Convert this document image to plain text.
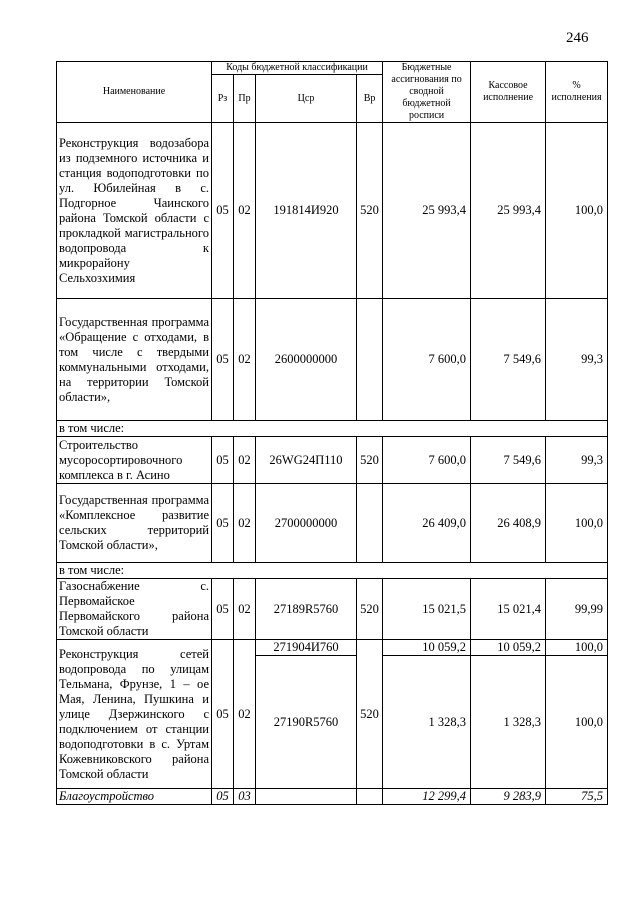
246
Наименование	Коды бюджетной классификации				Бюджетные ассигнования по сводной бюджетной росписи	Кассовое исполнение	% исполнения
	Рз	Пр	Цср	Вр			
Реконструкция водозабора из подземного источника и станция водоподготовки по ул. Юбилейная в с. Подгорное Чаинского района Томской области с прокладкой магистрального водопровода к микрорайону Сельхозхимия	05	02	191814И920	520	25 993,4	25 993,4	100,0
Государственная программа «Обращение с отходами, в том числе с твердыми коммунальными отходами, на территории Томской области»,	05	02	2600000000		7 600,0	7 549,6	99,3
в том числе:							
Строительство мусоросортировочного комплекса в г. Асино	05	02	26WG24П110	520	7 600,0	7 549,6	99,3
Государственная программа «Комплексное развитие сельских территорий Томской области»,	05	02	2700000000		26 409,0	26 408,9	100,0
в том числе:							
Газоснабжение с. Первомайское Первомайского района Томской области	05	02	27189R5760	520	15 021,5	15 021,4	99,99
Реконструкция сетей водопровода по улицам Тельмана, Фрунзе, 1 – ое Мая, Ленина, Пушкина и улице Дзержинского с подключением от станции водоподготовки в с. Уртам Кожевниковского района Томской области	05	02	271904И760	520	10 059,2	10 059,2	100,0
			27190R5760		1 328,3	1 328,3	100,0
Благоустройство	05	03			12 299,4	9 283,9	75,5
